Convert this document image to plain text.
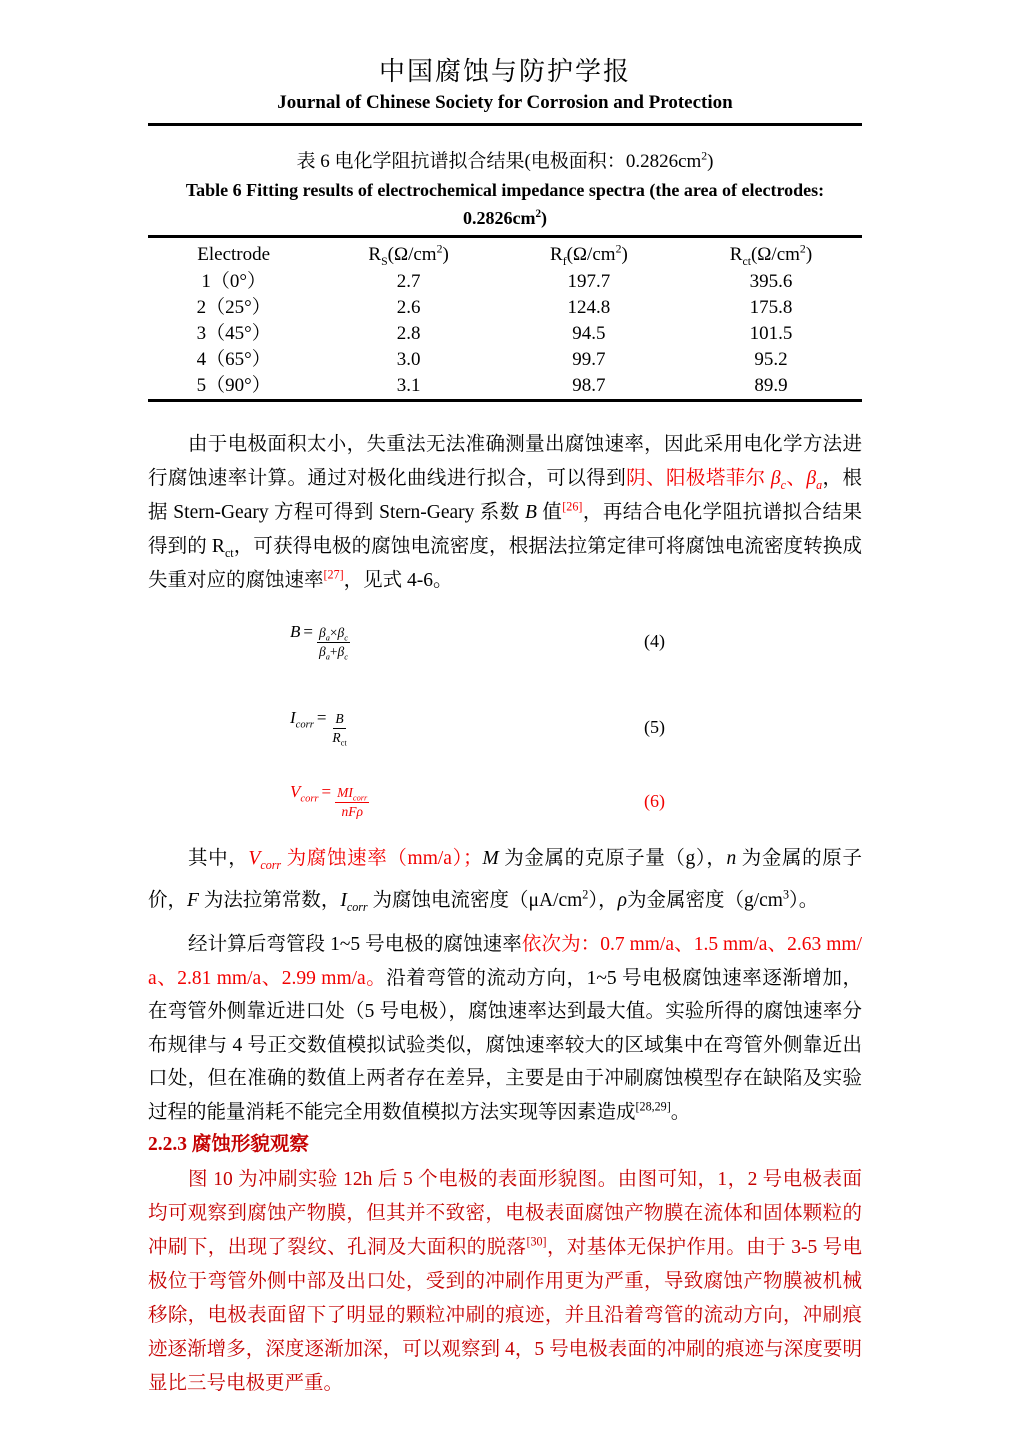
中国腐蚀与防护学报
Journal of Chinese Society for Corrosion and Protection
表 6 电化学阻抗谱拟合结果(电极面积：$0.2826cm^2$)
Table 6 Fitting results of electrochemical impedance spectra (the area of electrodes: $0.2826cm^2$)
Electrode	$R_S(\Omega/cm^2)$	$R_f(\Omega/cm^2)$	$R_{ct}(\Omega/cm^2)$
1（0°）	2.7	197.7	395.6
2（25°）	2.6	124.8	175.8
3（45°）	2.8	94.5	101.5
4（65°）	3.0	99.7	95.2
5（90°）	3.1	98.7	89.9

由于电极面积太小，失重法无法准确测量出腐蚀速率，因此采用电化学方法进行腐蚀速率计算。通过对极化曲线进行拟合，可以得到阴、阳极塔菲尔 $\beta_c$、$\beta_a$，根据 Stern-Geary 方程可得到 Stern-Geary 系数 B 值[26]，再结合电化学阻抗谱拟合结果得到的 $R_{ct}$，可获得电极的腐蚀电流密度，根据法拉第定律可将腐蚀电流密度转换成失重对应的腐蚀速率[27]，见式 4-6。

$B = \frac{\beta_a\times\beta_c}{\beta_a+\beta_c}$	(4)
$I_{corr} = \frac{B}{R_{ct}}$	(5)
$V_{corr} = \frac{MI_{corr}}{\text{nFρ}}$	(6)

其中，$V_{corr}$ 为腐蚀速率（mm/a）；M 为金属的克原子量（g），n 为金属的原子价，F 为法拉第常数，$I_{corr}$ 为腐蚀电流密度$(\mu A/cm^2)$，ρ为金属密度$(g/cm^3)$。

经计算后弯管段 1~5 号电极的腐蚀速率依次为：0.7 mm/a、1.5 mm/a、2.63 mm/a、2.81 mm/a、2.99 mm/a。沿着弯管的流动方向，1~5 号电极腐蚀速率逐渐增加，在弯管外侧靠近进口处（5 号电极），腐蚀速率达到最大值。实验所得的腐蚀速率分布规律与 4 号正交数值模拟试验类似，腐蚀速率较大的区域集中在弯管外侧靠近出口处，但在准确的数值上两者存在差异，主要是由于冲刷腐蚀模型存在缺陷及实验过程的能量消耗不能完全用数值模拟方法实现等因素造成[28,29]。

2.2.3 腐蚀形貌观察

图 10 为冲刷实验 12h 后 5 个电极的表面形貌图。由图可知，1，2 号电极表面均可观察到腐蚀产物膜，但其并不致密，电极表面腐蚀产物膜在流体和固体颗粒的冲刷下，出现了裂纹、孔洞及大面积的脱落[30]，对基体无保护作用。由于 3-5 号电极位于弯管外侧中部及出口处，受到的冲刷作用更为严重，导致腐蚀产物膜被机械移除，电极表面留下了明显的颗粒冲刷的痕迹，并且沿着弯管的流动方向，冲刷痕迹逐渐增多，深度逐渐加深，可以观察到 4，5 号电极表面的冲刷的痕迹与深度要明显比三号电极更严重。
